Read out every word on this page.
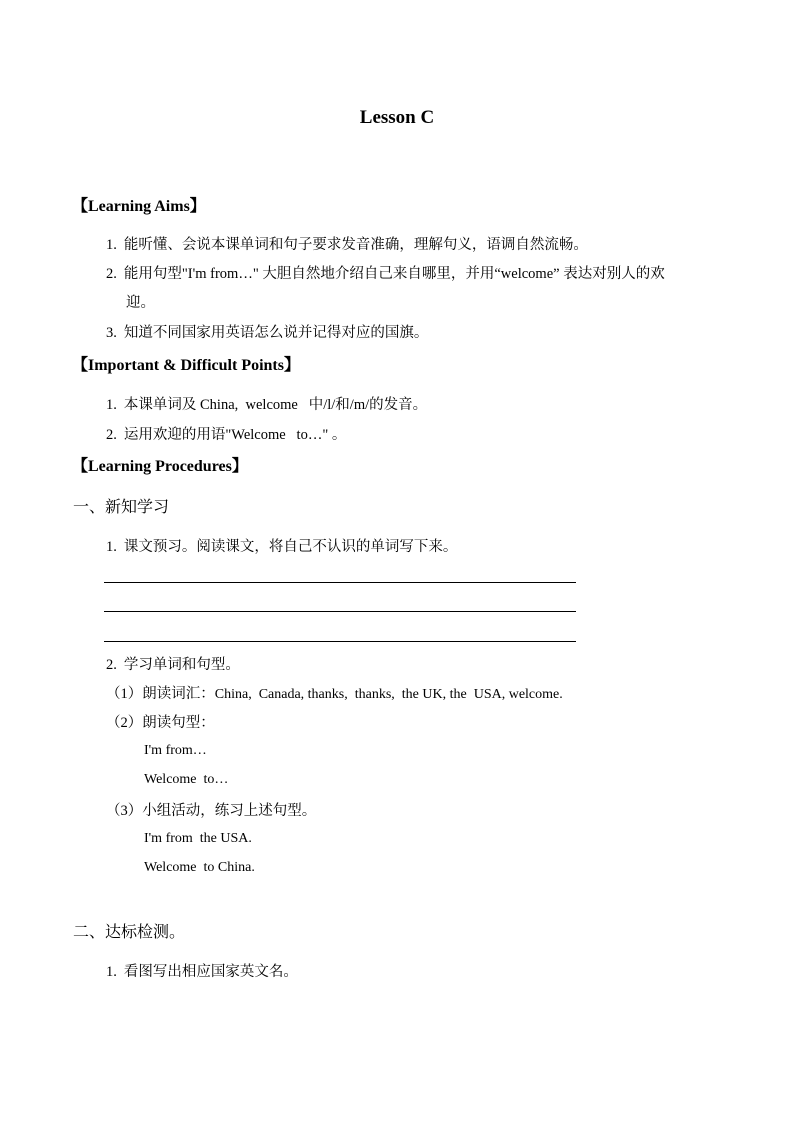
Lesson C
【Learning Aims】
1. 能听懂、会说本课单词和句子要求发音准确，理解句义，语调自然流畅。
2. 能用句型"I'm from…" 大胆自然地介绍自己来自哪里，并用“welcome” 表达对别人的欢
迎。
3. 知道不同国家用英语怎么说并记得对应的国旗。
【Important & Difficult Points】
1. 本课单词及 China,  welcome   中/l/和/m/的发音。
2. 运用欢迎的用语"Welcome   to…" 。
【Learning Procedures】
一、新知学习
1. 课文预习。阅读课文，将自己不认识的单词写下来。
2. 学习单词和句型。
（1）朗读词汇：China,  Canada, thanks,  thanks,  the UK, the  USA, welcome.
（2）朗读句型：
I'm from…
Welcome  to…
（3）小组活动，练习上述句型。
I'm from  the USA.
Welcome  to China.
二、达标检测。
1. 看图写出相应国家英文名。
